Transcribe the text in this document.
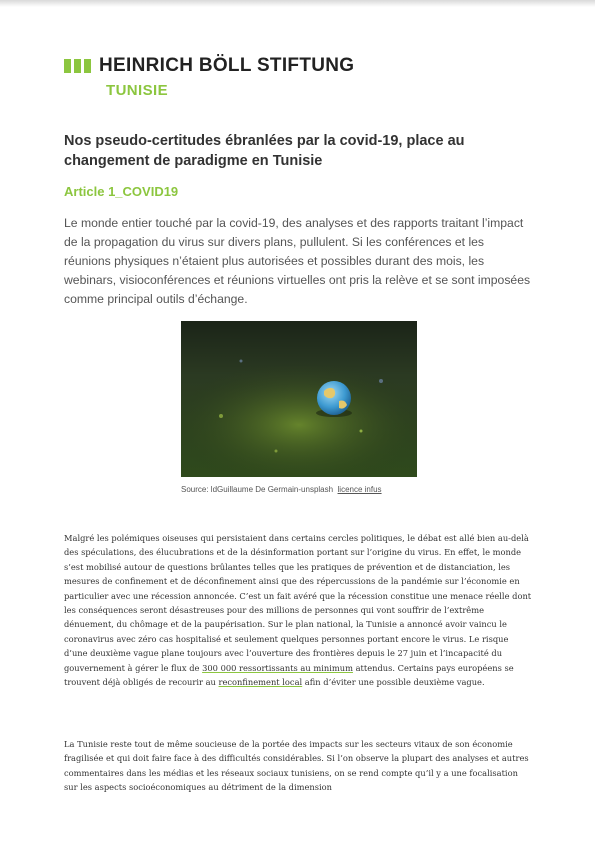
HEINRICH BÖLL STIFTUNG
TUNISIE
Nos pseudo-certitudes ébranlées par la covid-19, place au changement de paradigme en Tunisie
Article 1_COVID19

Le monde entier touché par la covid-19, des analyses et des rapports traitant l’impact de la propagation du virus sur divers plans, pullulent. Si les conférences et les réunions physiques n’étaient plus autorisées et possibles durant des mois, les webinars, visioconférences et réunions virtuelles ont pris la relève et se sont imposées comme principal outils d’échange.

Source: ldGuillaume De Germain-unsplash licence infus

Malgré les polémiques oiseuses qui persistaient dans certains cercles politiques, le débat est allé bien au-delà des spéculations, des élucubrations et de la désinformation portant sur l’origine du virus. En effet, le monde s’est mobilisé autour de questions brûlantes telles que les pratiques de prévention et de distanciation, les mesures de confinement et de déconfinement ainsi que des répercussions de la pandémie sur l’économie en particulier avec une récession annoncée. C’est un fait avéré que la récession constitue une menace réelle dont les conséquences seront désastreuses pour des millions de personnes qui vont souffrir de l’extrême dénuement, du chômage et de la paupérisation. Sur le plan national, la Tunisie a annoncé avoir vaincu le coronavirus avec zéro cas hospitalisé et seulement quelques personnes portant encore le virus. Le risque d’une deuxième vague plane toujours avec l’ouverture des frontières depuis le 27 juin et l’incapacité du gouvernement à gérer le flux de 300 000 ressortissants au minimum attendus. Certains pays européens se trouvent déjà obligés de recourir au reconfinement local afin d’éviter une possible deuxième vague.

La Tunisie reste tout de même soucieuse de la portée des impacts sur les secteurs vitaux de son économie fragilisée et qui doit faire face à des difficultés considérables. Si l’on observe la plupart des analyses et autres commentaires dans les médias et les réseaux sociaux tunisiens, on se rend compte qu’il y a une focalisation sur les aspects socioéconomiques au détriment de la dimension
